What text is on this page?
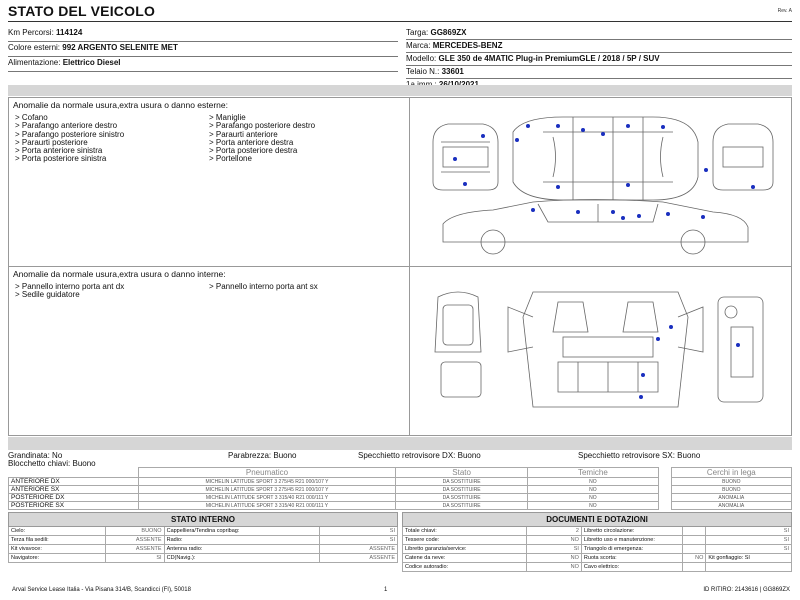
STATO DEL VEICOLO	Rev. A
Km Percorsi: 114124
Colore esterni: 992 ARGENTO SELENITE MET
Alimentazione: Elettrico Diesel
Targa: GG869ZX
Marca: MERCEDES-BENZ
Modello: GLE 350 de 4MATIC Plug-in PremiumGLE / 2018 / 5P / SUV
Telaio N.: 33601
Anomalie da normale usura,extra usura o danno esterne:
> Cofano
> Parafango anteriore destro
> Parafango posteriore sinistro
> Paraurti posteriore
> Porta anteriore sinistra
> Porta posteriore sinistra
> Maniglie
> Parafango posteriore destro
> Paraurti anteriore
> Porta anteriore destra
> Porta posteriore destra
> Portellone
Anomalie da normale usura,extra usura o danno interne:
> Pannello interno porta ant dx
> Sedile guidatore
> Pannello interno porta ant sx
Grandinata: No	Parabrezza: Buono	Specchietto retrovisore DX: Buono	Specchietto retrovisore SX: Buono
Blocchetto chiavi: Buono
	Pneumatico	Stato	Temiche		Cerchi in lega
ANTERIORE DX	MICHELIN LATITUDE SPORT 3 275/45 R21 000/107 Y	DA SOSTITUIRE	NO		BUONO
ANTERIORE SX	MICHELIN LATITUDE SPORT 3 275/45 R21 000/107 Y	DA SOSTITUIRE	NO		BUONO
POSTERIORE DX	MICHELIN LATITUDE SPORT 3 315/40 R21 000/111 Y	DA SOSTITUIRE	NO		ANOMALIA
POSTERIORE SX	MICHELIN LATITUDE SPORT 3 315/40 R21 000/111 Y	DA SOSTITUIRE	NO		ANOMALIA
STATO INTERNO			
Cielo:	BUONO	Cappelliera/Tendina copribag:	SI
Terza fila sedili:	ASSENTE	Radio:	SI
Kit vivavoce:	ASSENTE	Antenna radio:	ASSENTE
Navigatore:	SI	CD(Navig.):	ASSENTE
DOCUMENTI E DOTAZIONI				
Totale chiavi:	2	Libretto circolazione:		SI
Tessere code:	NO	Libretto uso e manutenzione:		SI
Libretto garanzia/service:	SI	Triangolo di emergenza:		SI
Catene da neve:	NO	Ruota scorta:	NO	Kit gonfiaggio: SI
Codice autoradio:	NO	Cavo elettrico:		
Arval Service Lease Italia - Via Pisana 314/B, Scandicci (FI), 50018	1	ID RITIRO: 2143616 | GG869ZX
